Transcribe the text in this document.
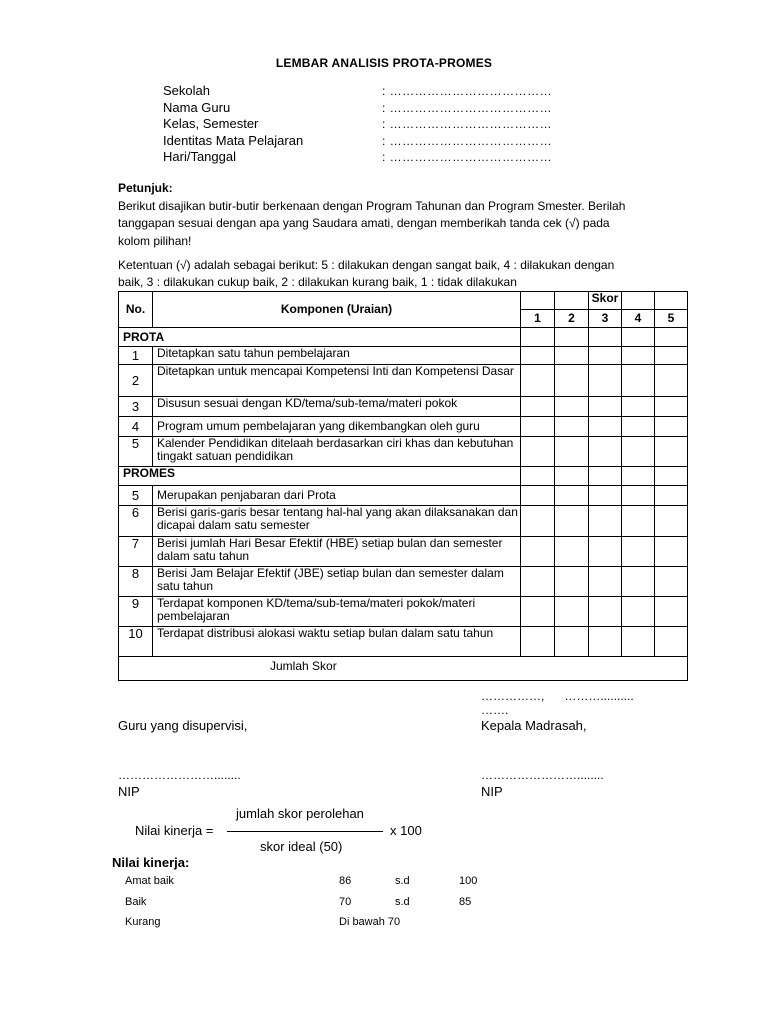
LEMBAR ANALISIS PROTA-PROMES
Sekolah	: …………………………………
Nama Guru	: …………………………………
Kelas, Semester	: …………………………………
Identitas Mata Pelajaran	: …………………………………
Hari/Tanggal	: …………………………………
Petunjuk:
Berikut disajikan butir-butir berkenaan dengan Program Tahunan dan Program Smester. Berilah
tanggapan sesuai dengan apa yang Saudara amati, dengan memberikah tanda cek (√) pada
kolom pilihan!
Ketentuan (√) adalah sebagai berikut: 5 : dilakukan dengan sangat baik, 4 : dilakukan dengan
baik, 3 : dilakukan cukup baik, 2 : dilakukan kurang baik, 1 : tidak dilakukan
No.	Komponen (Uraian)			Skor		
		1	2	3	4	5
PROTA						
1	Ditetapkan satu tahun pembelajaran					
2	Ditetapkan untuk mencapai Kompetensi Inti dan Kompetensi Dasar					
3	Disusun sesuai dengan KD/tema/sub-tema/materi pokok					
4	Program umum pembelajaran yang dikembangkan oleh guru					
5	Kalender Pendidikan ditelaah berdasarkan ciri khas dan kebutuhan tingakt satuan pendidikan					
PROMES						
5	Merupakan penjabaran dari Prota					
6	Berisi garis-garis besar tentang hal-hal yang akan dilaksanakan dan dicapai dalam satu semester					
7	Berisi jumlah Hari Besar Efektif (HBE) setiap bulan dan semester dalam satu tahun					
8	Berisi Jam Belajar Efektif (JBE) setiap bulan dan semester dalam satu tahun					
9	Terdapat komponen KD/tema/sub-tema/materi pokok/materi pembelajaran					
10	Terdapat distribusi alokasi waktu setiap bulan dalam satu tahun					

Jumlah Skor						
……………,      ………..........
…….
Guru yang disupervisi,	Kepala Madrasah,
……………………........	……………………........
NIP	NIP
Nilai kinerja =
jumlah skor perolehan
skor ideal (50)
x 100
Nilai kinerja:
Amat baik	86	s.d	100
Baik	70	s.d	85
Kurang	Di bawah 70
